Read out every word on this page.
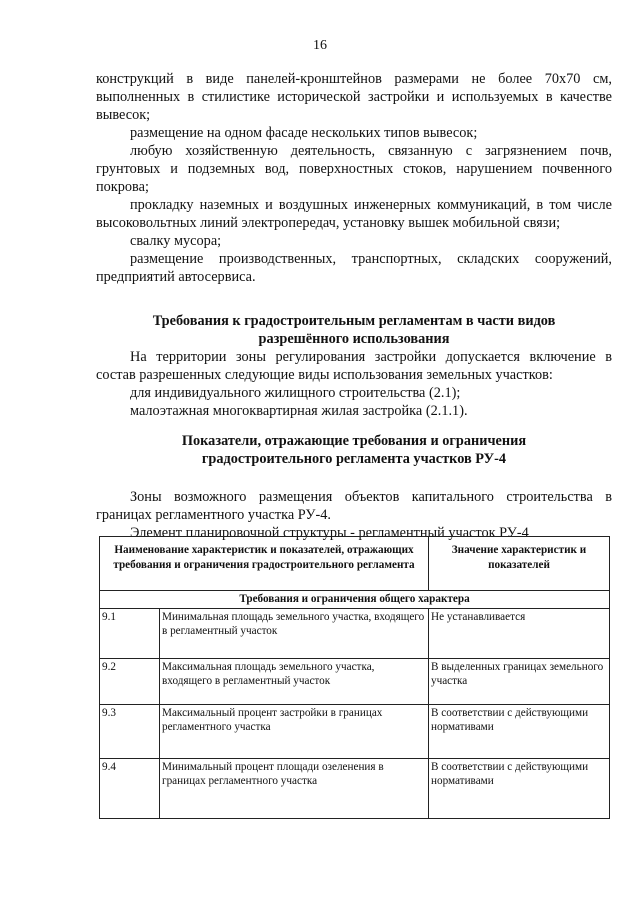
16

конструкций в виде панелей-кронштейнов размерами не более 70х70 см, выполненных в стилистике исторической застройки и используемых в качестве вывесок;

размещение на одном фасаде нескольких типов вывесок;

любую хозяйственную деятельность, связанную с загрязнением почв, грунтовых и подземных вод, поверхностных стоков, нарушением почвенного покрова;

прокладку наземных и воздушных инженерных коммуникаций, в том числе высоковольтных линий электропередач, установку вышек мобильной связи;

свалку мусора;

размещение производственных, транспортных, складских сооружений, предприятий автосервиса.

Требования к градостроительным регламентам в части видов

разрешённого использования

На территории зоны регулирования застройки допускается включение в состав разрешенных следующие виды использования земельных участков:

для индивидуального жилищного строительства (2.1);

малоэтажная многоквартирная жилая застройка (2.1.1).

Показатели, отражающие требования и ограничения

градостроительного регламента участков РУ-4

Зоны возможного размещения объектов капитального строительства в границах регламентного участка РУ-4.

Элемент планировочной структуры - регламентный участок РУ-4

Наименование характеристик и показателей, отражающих требования и ограничения градостроительного регламента		Значение характеристик и показателей
Требования и ограничения общего характера		
9.1	Минимальная площадь земельного участка, входящего в регламентный участок	Не устанавливается
9.2	Максимальная площадь земельного участка, входящего в регламентный участок	В выделенных границах земельного участка
9.3	Максимальный процент застройки в границах регламентного участка	В соответствии с действующими нормативами
9.4	Минимальный процент площади озеленения в границах регламентного участка	В соответствии с действующими нормативами
